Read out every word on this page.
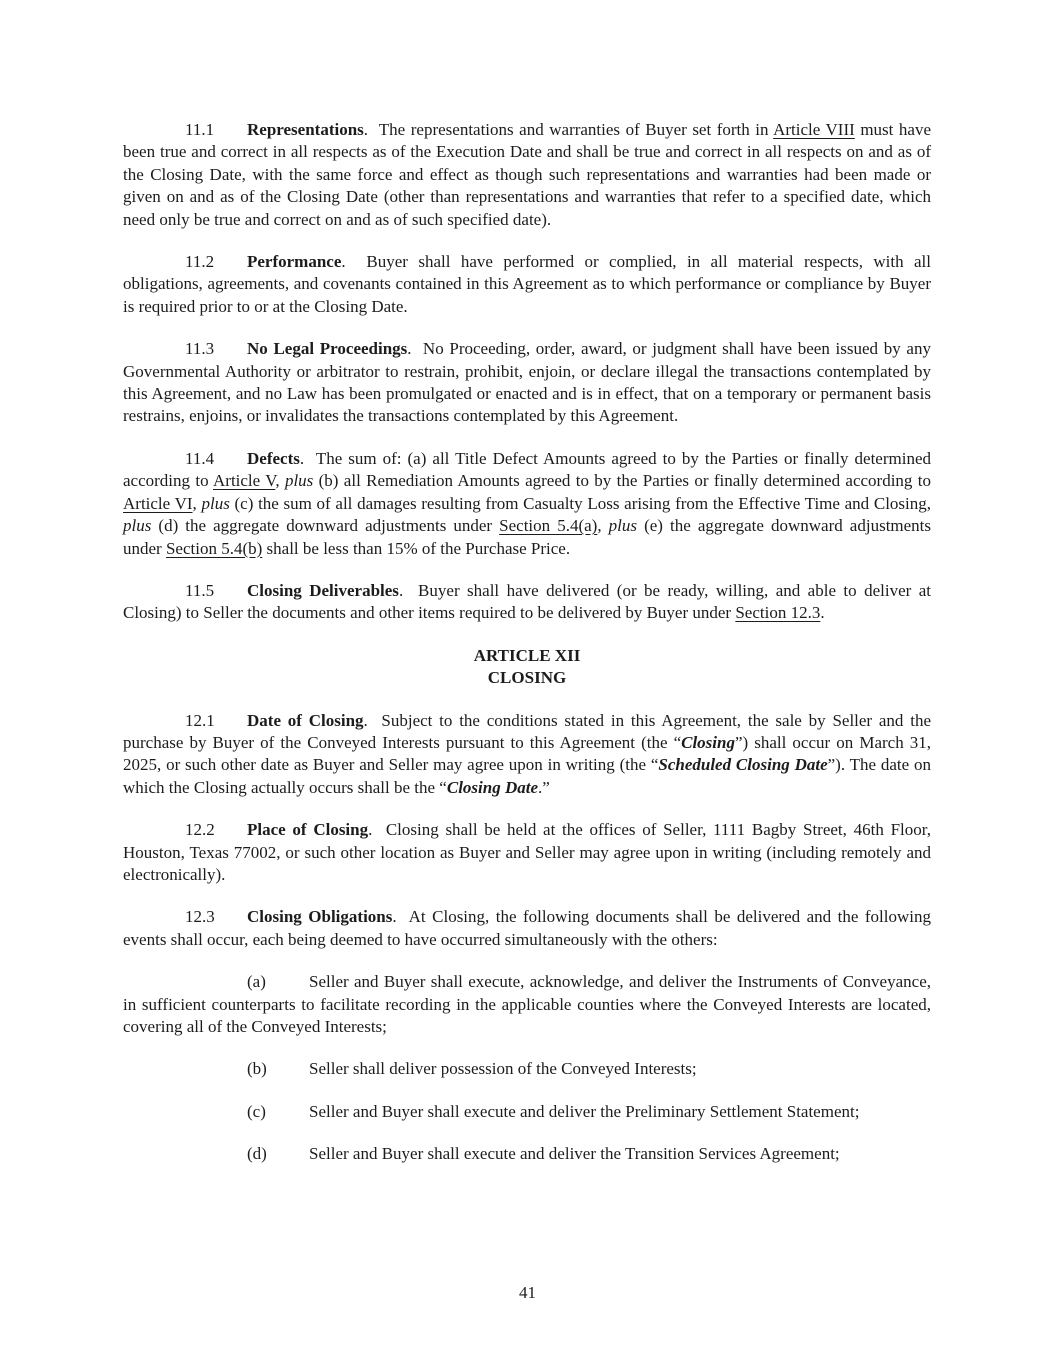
11.1 Representations.  The representations and warranties of Buyer set forth in Article VIII must have been true and correct in all respects as of the Execution Date and shall be true and correct in all respects on and as of the Closing Date, with the same force and effect as though such representations and warranties had been made or given on and as of the Closing Date (other than representations and warranties that refer to a specified date, which need only be true and correct on and as of such specified date).

11.2 Performance.  Buyer shall have performed or complied, in all material respects, with all obligations, agreements, and covenants contained in this Agreement as to which performance or compliance by Buyer is required prior to or at the Closing Date.

11.3 No Legal Proceedings.  No Proceeding, order, award, or judgment shall have been issued by any Governmental Authority or arbitrator to restrain, prohibit, enjoin, or declare illegal the transactions contemplated by this Agreement, and no Law has been promulgated or enacted and is in effect, that on a temporary or permanent basis restrains, enjoins, or invalidates the transactions contemplated by this Agreement.

11.4 Defects.  The sum of: (a) all Title Defect Amounts agreed to by the Parties or finally determined according to Article V, plus (b) all Remediation Amounts agreed to by the Parties or finally determined according to Article VI, plus (c) the sum of all damages resulting from Casualty Loss arising from the Effective Time and Closing, plus (d) the aggregate downward adjustments under Section 5.4(a), plus (e) the aggregate downward adjustments under Section 5.4(b) shall be less than 15% of the Purchase Price.

11.5 Closing Deliverables.  Buyer shall have delivered (or be ready, willing, and able to deliver at Closing) to Seller the documents and other items required to be delivered by Buyer under Section 12.3.

ARTICLE XII
CLOSING

12.1 Date of Closing.  Subject to the conditions stated in this Agreement, the sale by Seller and the purchase by Buyer of the Conveyed Interests pursuant to this Agreement (the “Closing”) shall occur on March 31, 2025, or such other date as Buyer and Seller may agree upon in writing (the “Scheduled Closing Date”). The date on which the Closing actually occurs shall be the “Closing Date.”

12.2 Place of Closing.  Closing shall be held at the offices of Seller, 1111 Bagby Street, 46th Floor, Houston, Texas 77002, or such other location as Buyer and Seller may agree upon in writing (including remotely and electronically).

12.3 Closing Obligations.  At Closing, the following documents shall be delivered and the following events shall occur, each being deemed to have occurred simultaneously with the others:

(a)	Seller and Buyer shall execute, acknowledge, and deliver the Instruments of Conveyance, in sufficient counterparts to facilitate recording in the applicable counties where the Conveyed Interests are located, covering all of the Conveyed Interests;

(b) Seller shall deliver possession of the Conveyed Interests;

(c)	Seller and Buyer shall execute and deliver the Preliminary Settlement Statement;

(d) Seller and Buyer shall execute and deliver the Transition Services Agreement;

41
